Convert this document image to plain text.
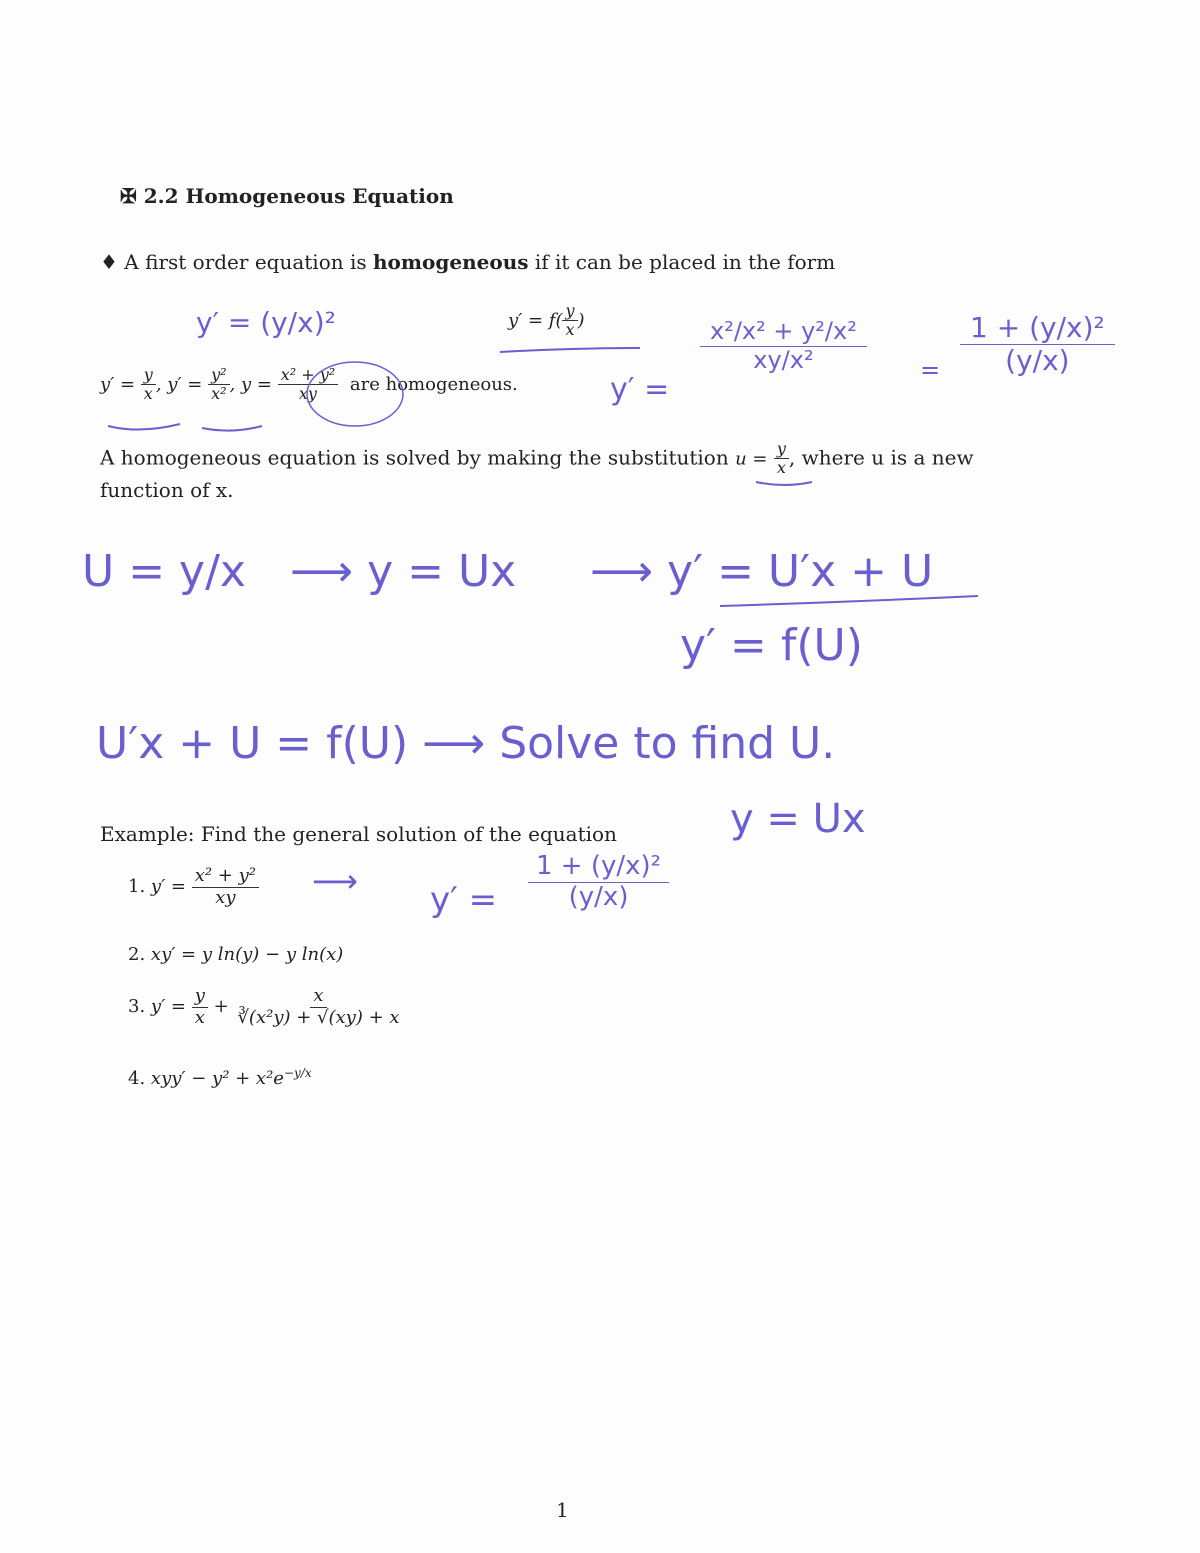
✠ 2.2 Homogeneous Equation
♦ A first order equation is homogeneous if it can be placed in the form
$y' = f( \frac{y}{x}$ )
$y' = \frac{y}{x}$ , $y' = \frac{\text{y²}}{\text{x²}}$ , $y = \frac{\text{x² + y²}}{xy}$ are homogeneous.
A homogeneous equation is solved by making the substitution $u = \frac{y}{x}$ , where u is a new
function of x.
y′ = (y/x)²
y′ =
$\frac{\text{x²/x² + y²/x²}}{\text{xy/x²}} = \frac{\text{1 + (y/x)²}}{(y/x)}$
U = y/x ⟶ y = Ux ⟶ y′ = U′x + U
y′ = f(U)
U′x + U = f(U) ⟶ Solve to find U.
y = Ux
Example: Find the general solution of the equation
1. $y' = \frac{\text{x² + y²}}{xy}$
2. xy′ = y ln(y) − y ln(x)
3. $y' = \frac{y}{x} + \frac{x}{\text{∛(x²y) + √(xy) + x}}$
4. $xyy' - y^2 + x^2e^{-y/x}$
⟶ $y' = \frac{\text{1 + (y/x)²}}{(y/x)}$
1
